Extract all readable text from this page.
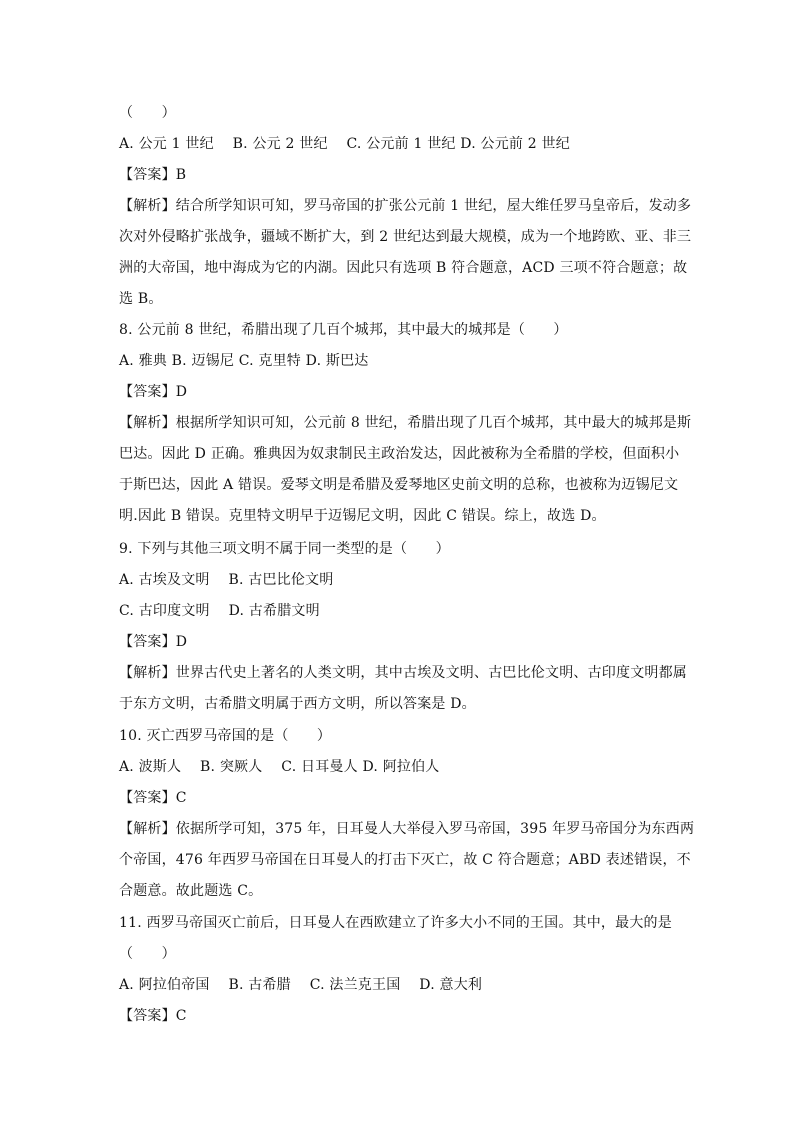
（　　）
A. 公元 1 世纪　 B. 公元 2 世纪　 C. 公元前 1 世纪 D. 公元前 2 世纪
【答案】B
【解析】结合所学知识可知，罗马帝国的扩张公元前 1 世纪，屋大维任罗马皇帝后，发动多
次对外侵略扩张战争，疆域不断扩大，到 2 世纪达到最大规模，成为一个地跨欧、亚、非三
洲的大帝国，地中海成为它的内湖。因此只有选项 B 符合题意，ACD 三项不符合题意；故
选 B。
8. 公元前 8 世纪，希腊出现了几百个城邦，其中最大的城邦是（　　）
A. 雅典 B. 迈锡尼 C. 克里特 D. 斯巴达
【答案】D
【解析】根据所学知识可知，公元前 8 世纪，希腊出现了几百个城邦，其中最大的城邦是斯
巴达。因此 D 正确。雅典因为奴隶制民主政治发达，因此被称为全希腊的学校，但面积小
于斯巴达，因此 A 错误。爱琴文明是希腊及爱琴地区史前文明的总称，也被称为迈锡尼文
明.因此 B 错误。克里特文明早于迈锡尼文明，因此 C 错误。综上，故选 D。
9. 下列与其他三项文明不属于同一类型的是（　　）
A. 古埃及文明　 B. 古巴比伦文明
C. 古印度文明　 D. 古希腊文明
【答案】D
【解析】世界古代史上著名的人类文明，其中古埃及文明、古巴比伦文明、古印度文明都属
于东方文明，古希腊文明属于西方文明，所以答案是 D。
10. 灭亡西罗马帝国的是（　　）
A. 波斯人　 B. 突厥人　 C. 日耳曼人 D. 阿拉伯人
【答案】C
【解析】依据所学可知，375 年，日耳曼人大举侵入罗马帝国，395 年罗马帝国分为东西两
个帝国，476 年西罗马帝国在日耳曼人的打击下灭亡，故 C 符合题意；ABD 表述错误，不
合题意。故此题选 C。
11. 西罗马帝国灭亡前后，日耳曼人在西欧建立了许多大小不同的王国。其中，最大的是
（　　）
A. 阿拉伯帝国　 B. 古希腊　 C. 法兰克王国　 D. 意大利
【答案】C
